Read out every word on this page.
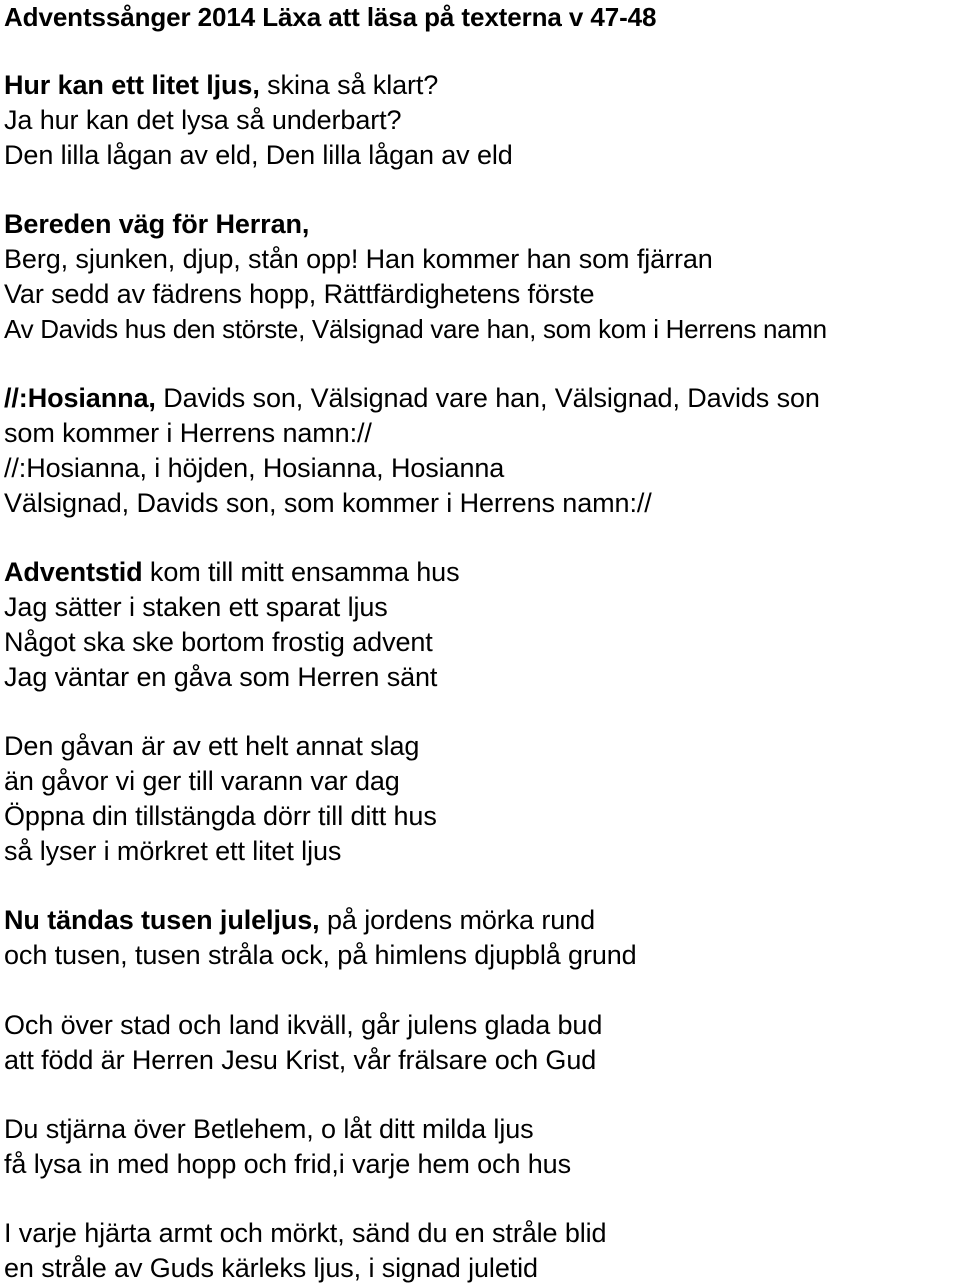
Adventssånger 2014 Läxa att läsa på texterna v 47-48
Hur kan ett litet ljus, skina så klart?
Ja hur kan det lysa så underbart?
Den lilla lågan av eld, Den lilla lågan av eld
Bereden väg för Herran,
Berg, sjunken, djup, stån opp! Han kommer han som fjärran
Var sedd av fädrens hopp, Rättfärdighetens förste
Av Davids hus den störste, Välsignad vare han, som kom i Herrens namn
//:Hosianna, Davids son, Välsignad vare han, Välsignad, Davids son
som kommer i Herrens namn://
//:Hosianna, i höjden, Hosianna, Hosianna
Välsignad, Davids son, som kommer i Herrens namn://
Adventstid kom till mitt ensamma hus
Jag sätter i staken ett sparat ljus
Något ska ske bortom frostig advent
Jag väntar en gåva som Herren sänt
Den gåvan är av ett helt annat slag
än gåvor vi ger till varann var dag
Öppna din tillstängda dörr till ditt hus
så lyser i mörkret ett litet ljus
Nu tändas tusen juleljus, på jordens mörka rund
och tusen, tusen stråla ock, på himlens djupblå grund
Och över stad och land ikväll, går julens glada bud
att född är Herren Jesu Krist, vår frälsare och Gud
Du stjärna över Betlehem, o låt ditt milda ljus
få lysa in med hopp och frid,i varje hem och hus
I varje hjärta armt och mörkt, sänd du en stråle blid
en stråle av Guds kärleks ljus, i signad juletid
